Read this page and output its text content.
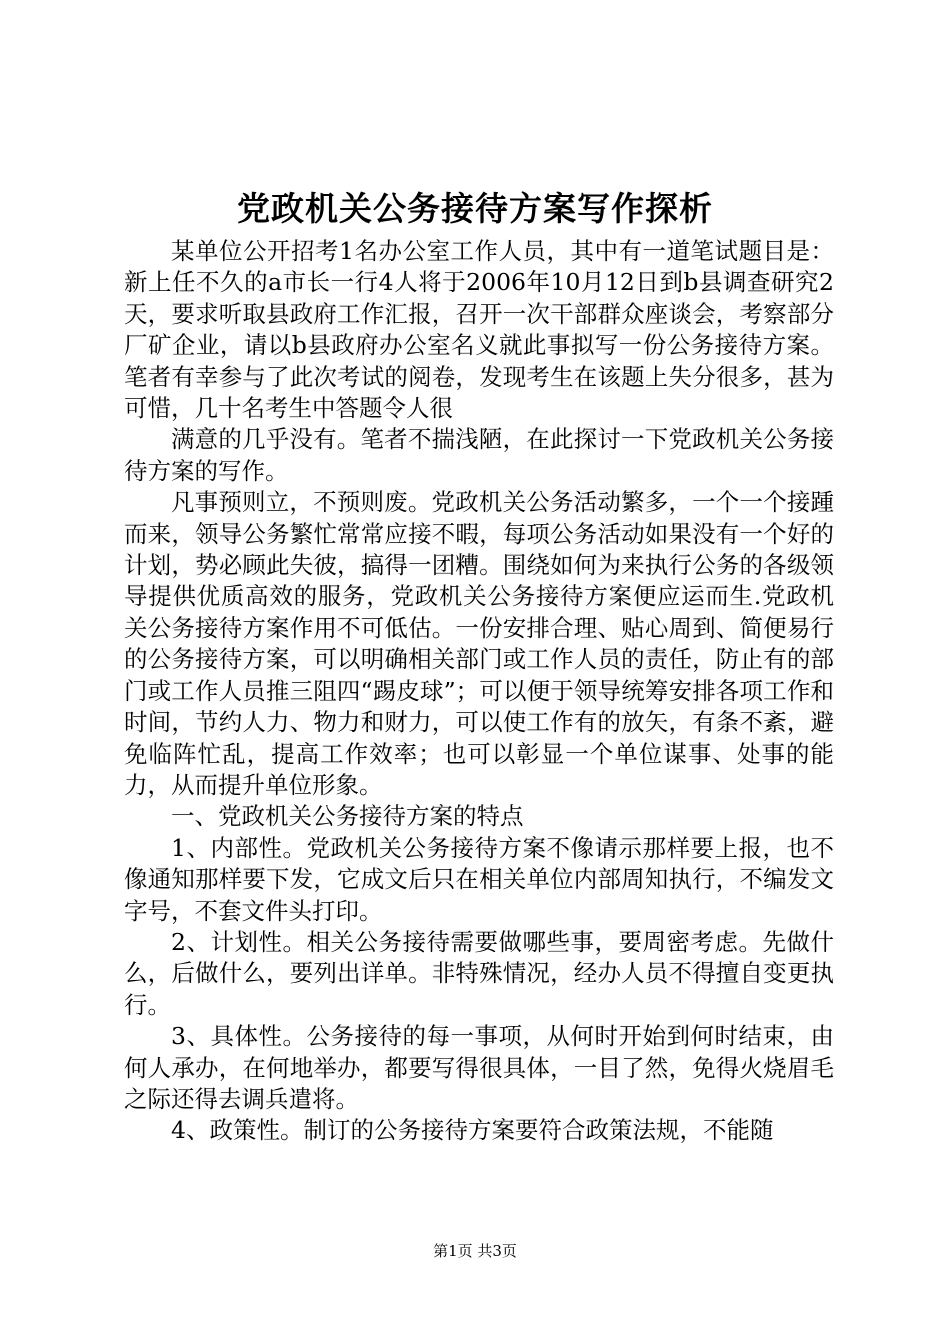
党政机关公务接待方案写作探析

某单位公开招考1名办公室工作人员，其中有一道笔试题目是：新上任不久的a市长一行4人将于2006年10月12日到b县调查研究2天，要求听取县政府工作汇报，召开一次干部群众座谈会，考察部分厂矿企业，请以b县政府办公室名义就此事拟写一份公务接待方案。笔者有幸参与了此次考试的阅卷，发现考生在该题上失分很多，甚为可惜，几十名考生中答题令人很

满意的几乎没有。笔者不揣浅陋，在此探讨一下党政机关公务接待方案的写作。

凡事预则立，不预则废。党政机关公务活动繁多，一个一个接踵而来，领导公务繁忙常常应接不暇，每项公务活动如果没有一个好的计划，势必顾此失彼，搞得一团糟。围绕如何为来执行公务的各级领导提供优质高效的服务，党政机关公务接待方案便应运而生.党政机关公务接待方案作用不可低估。一份安排合理、贴心周到、简便易行的公务接待方案，可以明确相关部门或工作人员的责任，防止有的部门或工作人员推三阻四“踢皮球”；可以便于领导统筹安排各项工作和时间，节约人力、物力和财力，可以使工作有的放矢，有条不紊，避免临阵忙乱，提高工作效率；也可以彰显一个单位谋事、处事的能力，从而提升单位形象。

一、党政机关公务接待方案的特点

1、内部性。党政机关公务接待方案不像请示那样要上报，也不像通知那样要下发，它成文后只在相关单位内部周知执行，不编发文字号，不套文件头打印。

2、计划性。相关公务接待需要做哪些事，要周密考虑。先做什么，后做什么，要列出详单。非特殊情况，经办人员不得擅自变更执行。

3、具体性。公务接待的每一事项，从何时开始到何时结束，由何人承办，在何地举办，都要写得很具体，一目了然，免得火烧眉毛之际还得去调兵遣将。

4、政策性。制订的公务接待方案要符合政策法规，不能随

第1页 共3页
